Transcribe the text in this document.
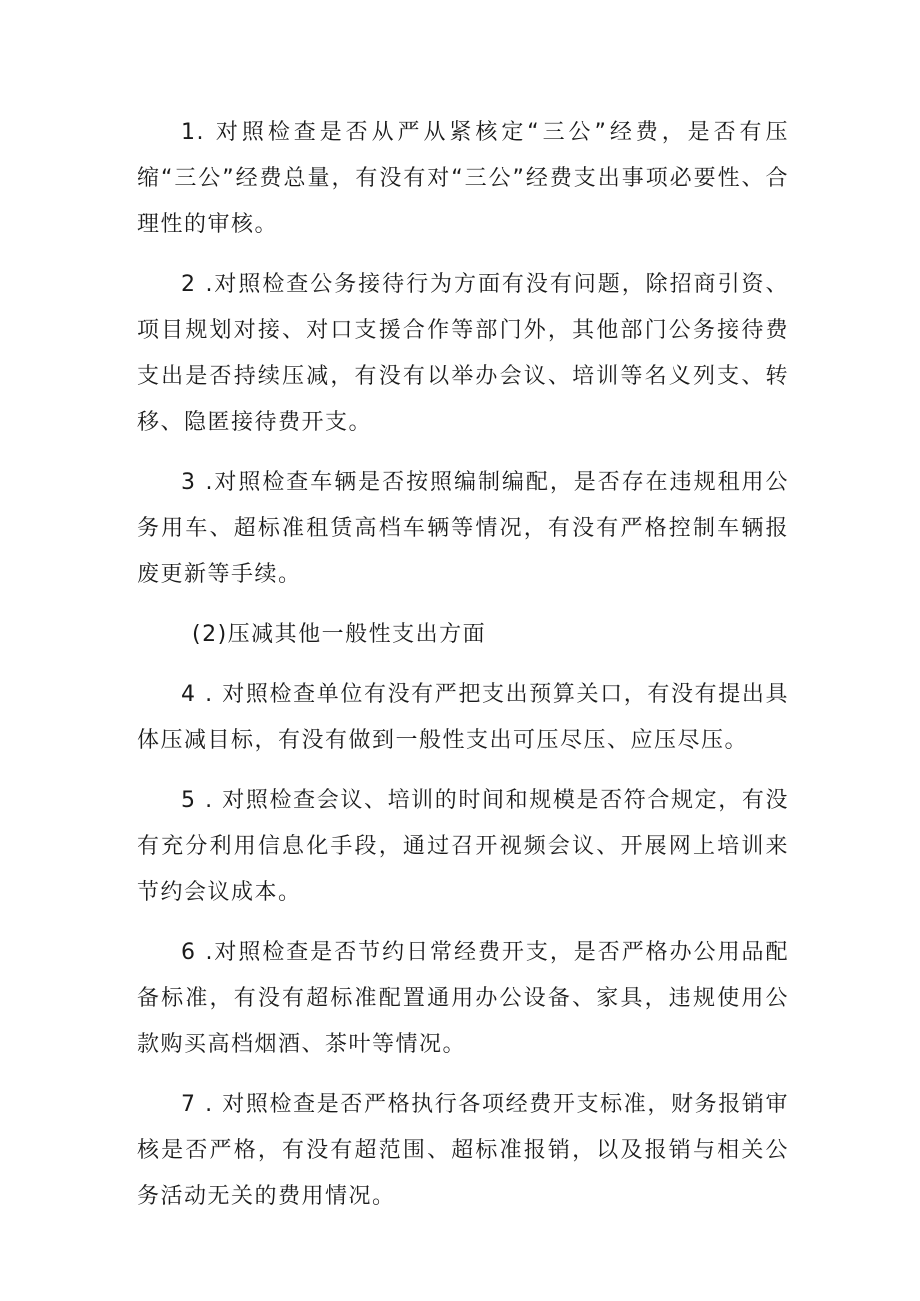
1. 对照检查是否从严从紧核定“三公”经费，是否有压缩“三公”经费总量，有没有对“三公”经费支出事项必要性、合理性的审核。

2 .对照检查公务接待行为方面有没有问题，除招商引资、项目规划对接、对口支援合作等部门外，其他部门公务接待费支出是否持续压减，有没有以举办会议、培训等名义列支、转移、隐匿接待费开支。

3 .对照检查车辆是否按照编制编配，是否存在违规租用公务用车、超标准租赁高档车辆等情况，有没有严格控制车辆报废更新等手续。

(2)压减其他一般性支出方面

4 . 对照检查单位有没有严把支出预算关口，有没有提出具体压减目标，有没有做到一般性支出可压尽压、应压尽压。

5 . 对照检查会议、培训的时间和规模是否符合规定，有没有充分利用信息化手段，通过召开视频会议、开展网上培训来节约会议成本。

6 .对照检查是否节约日常经费开支，是否严格办公用品配备标准，有没有超标准配置通用办公设备、家具，违规使用公款购买高档烟酒、茶叶等情况。

7 . 对照检查是否严格执行各项经费开支标准，财务报销审核是否严格，有没有超范围、超标准报销，以及报销与相关公务活动无关的费用情况。
